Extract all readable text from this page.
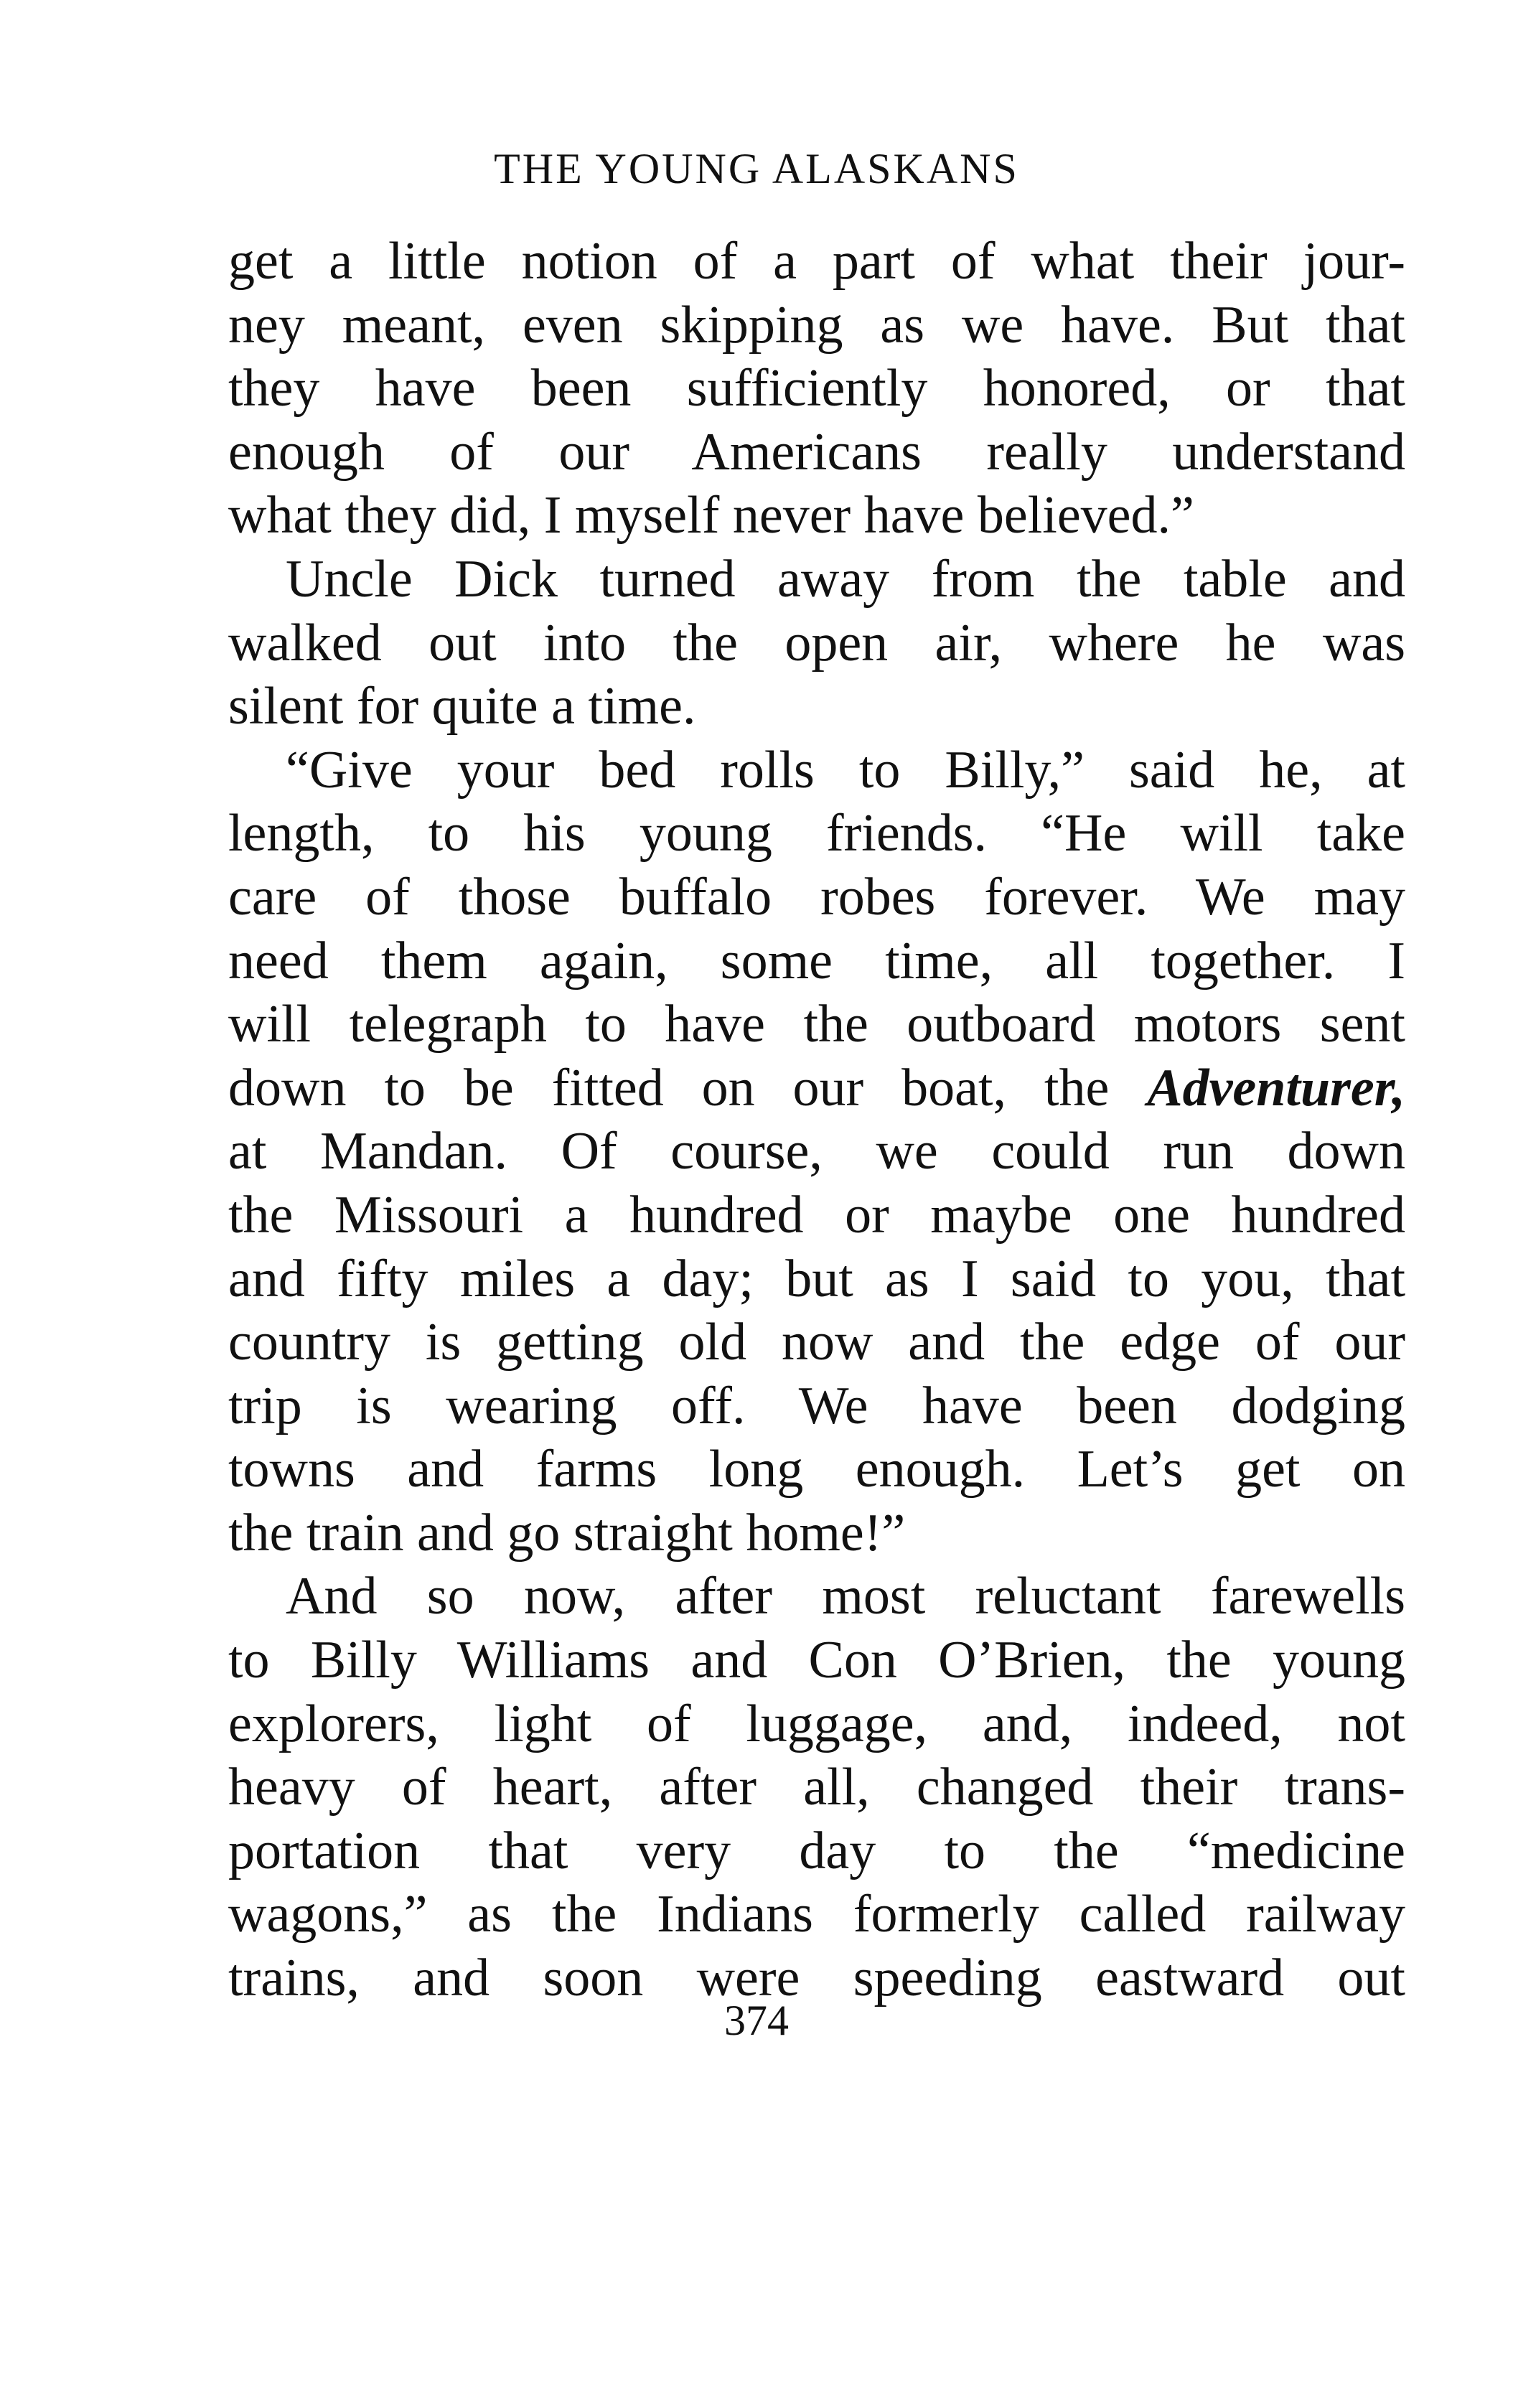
THE YOUNG ALASKANS
get a little notion of a part of what their jour-
ney meant, even skipping as we have. But that
they have been sufficiently honored, or that
enough of our Americans really understand
what they did, I myself never have believed.”
Uncle Dick turned away from the table and
walked out into the open air, where he was
silent for quite a time.
“Give your bed rolls to Billy,” said he, at
length, to his young friends. “He will take
care of those buffalo robes forever. We may
need them again, some time, all together. I
will telegraph to have the outboard motors sent
down to be fitted on our boat, the Adventurer,
at Mandan. Of course, we could run down
the Missouri a hundred or maybe one hundred
and fifty miles a day; but as I said to you, that
country is getting old now and the edge of our
trip is wearing off. We have been dodging
towns and farms long enough. Let’s get on
the train and go straight home!”
And so now, after most reluctant farewells
to Billy Williams and Con O’Brien, the young
explorers, light of luggage, and, indeed, not
heavy of heart, after all, changed their trans-
portation that very day to the “medicine
wagons,” as the Indians formerly called railway
trains, and soon were speeding eastward out
374
